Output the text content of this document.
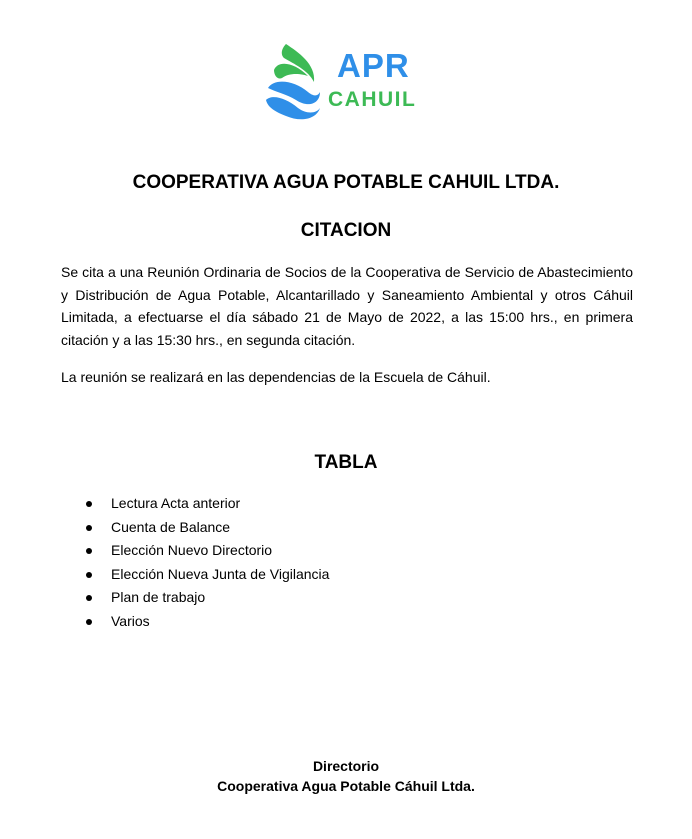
APR
CAHUIL
COOPERATIVA AGUA POTABLE CAHUIL LTDA.
CITACION

Se cita a una Reunión Ordinaria de Socios de la Cooperativa de Servicio de Abastecimiento y Distribución de Agua Potable, Alcantarillado y Saneamiento Ambiental y otros Cáhuil Limitada, a efectuarse el día sábado 21 de Mayo de 2022, a las 15:00 hrs., en primera citación y a las 15:30 hrs., en segunda citación.

La reunión se realizará en las dependencias de la Escuela de Cáhuil.

TABLA
Lectura Acta anterior
Cuenta de Balance
Elección Nuevo Directorio
Elección Nueva Junta de Vigilancia
Plan de trabajo
Varios
Directorio
Cooperativa Agua Potable Cáhuil Ltda.
